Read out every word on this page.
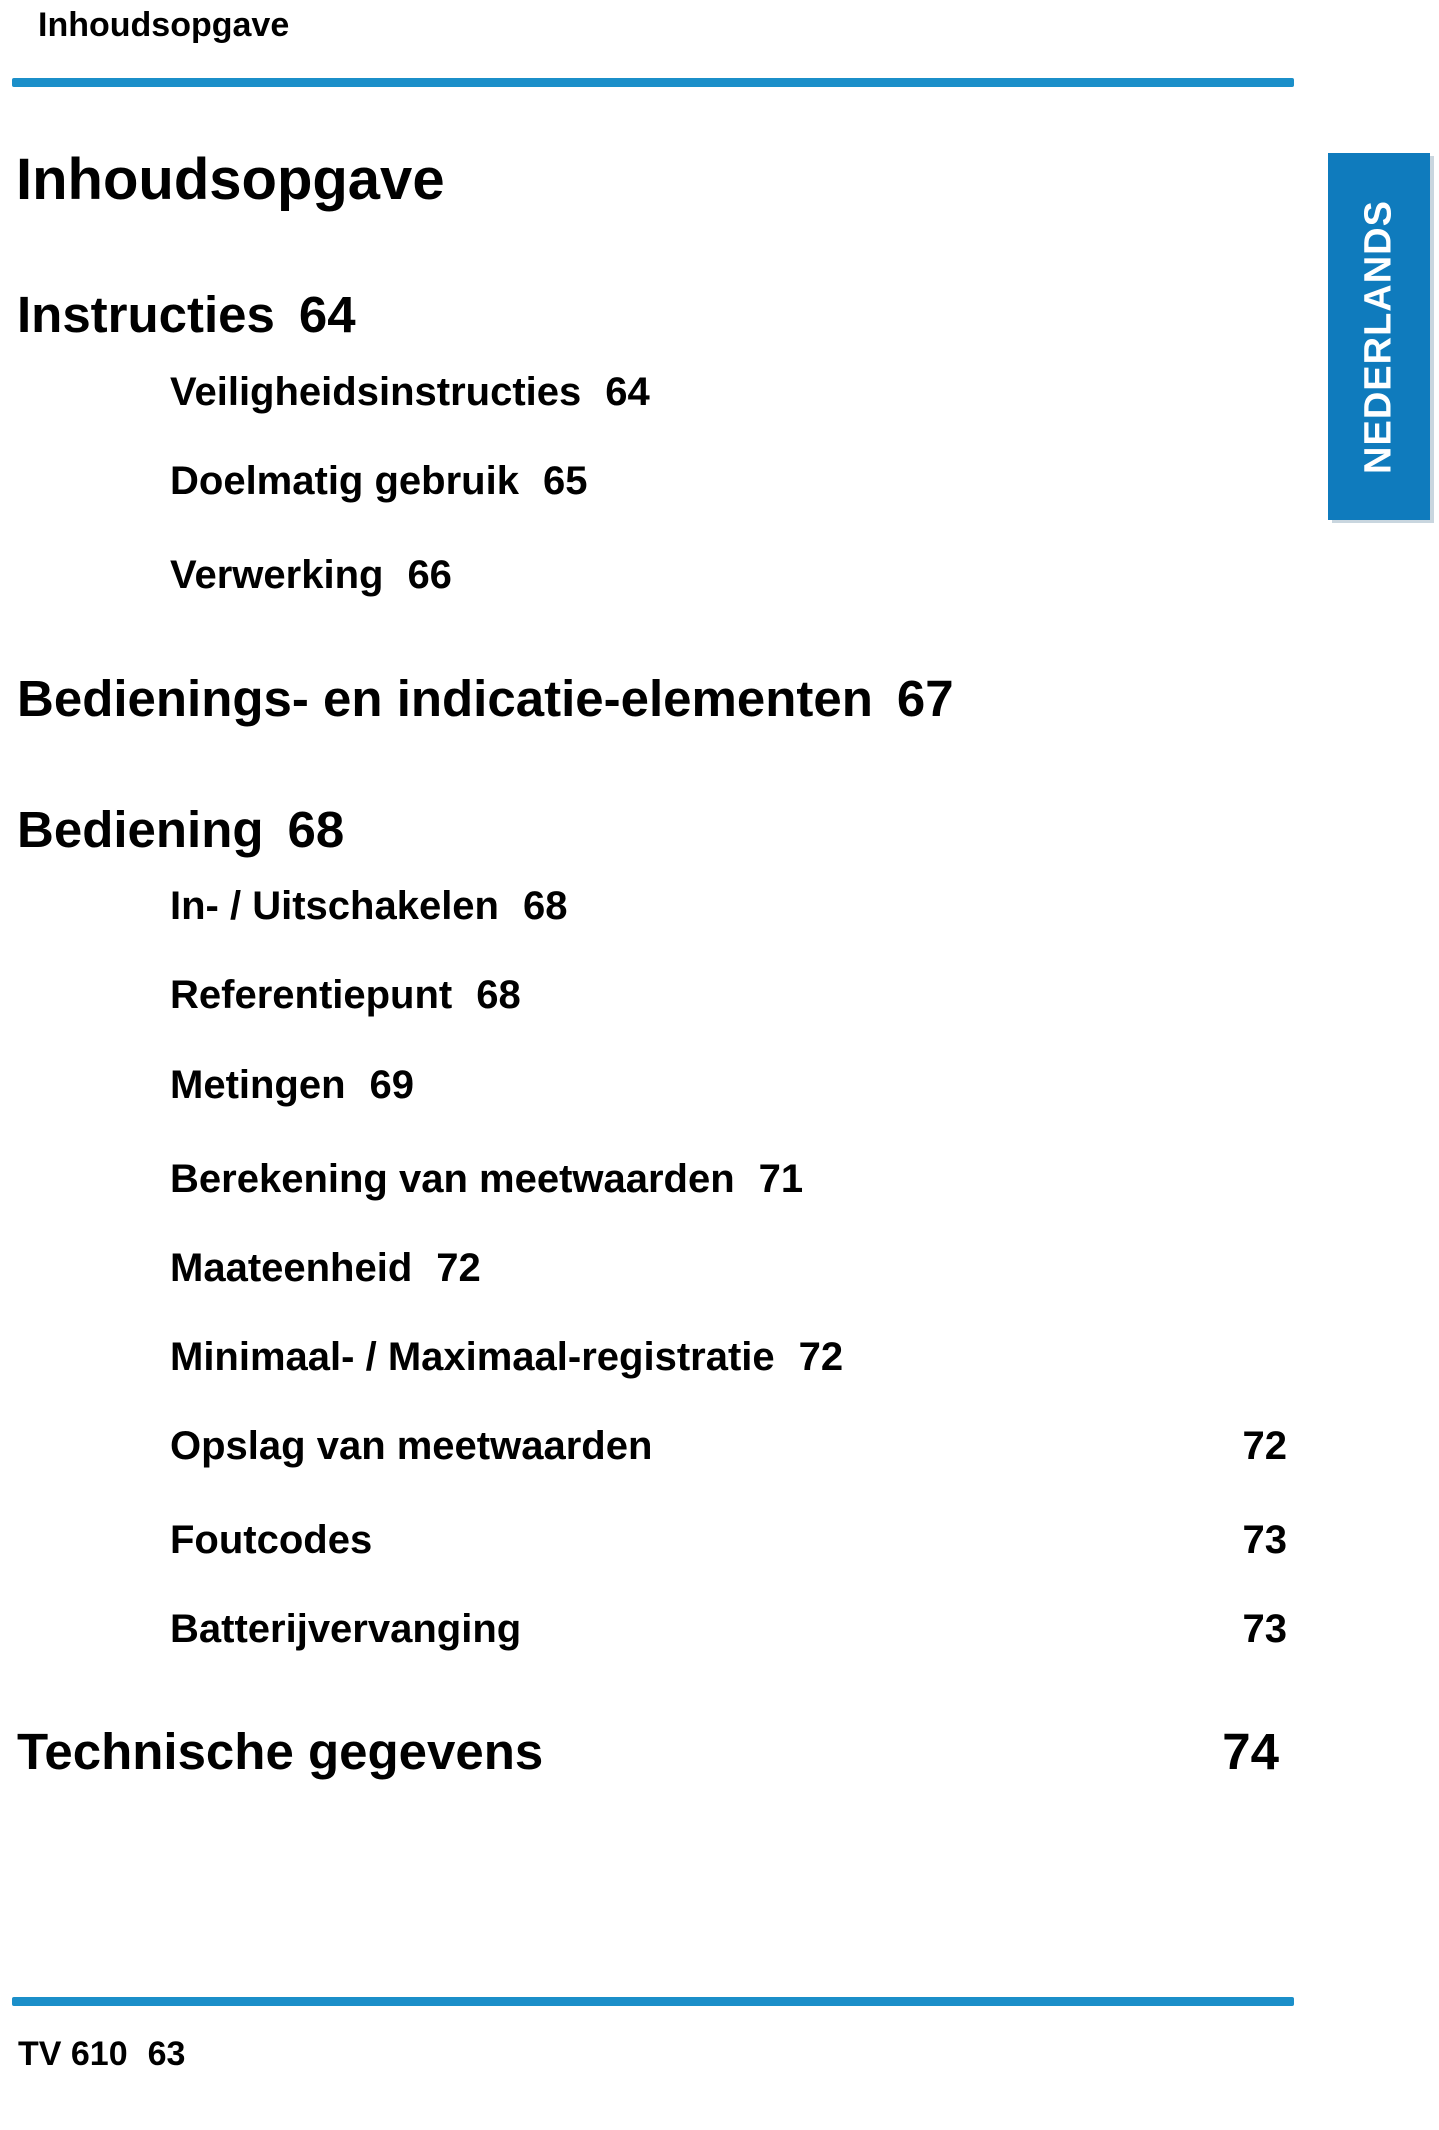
Inhoudsopgave
NEDERLANDS
Inhoudsopgave
Instructies 64
Veiligheidsinstructies 64
Doelmatig gebruik 65
Verwerking 66
Bedienings- en indicatie-elementen 67
Bediening 68
In- / Uitschakelen 68
Referentiepunt 68
Metingen 69
Berekening van meetwaarden 71
Maateenheid 72
Minimaal- / Maximaal-registratie 72
Opslag van meetwaarden	72
Foutcodes	73
Batterijvervanging	73
Technische gegevens	74
TV 610 63
